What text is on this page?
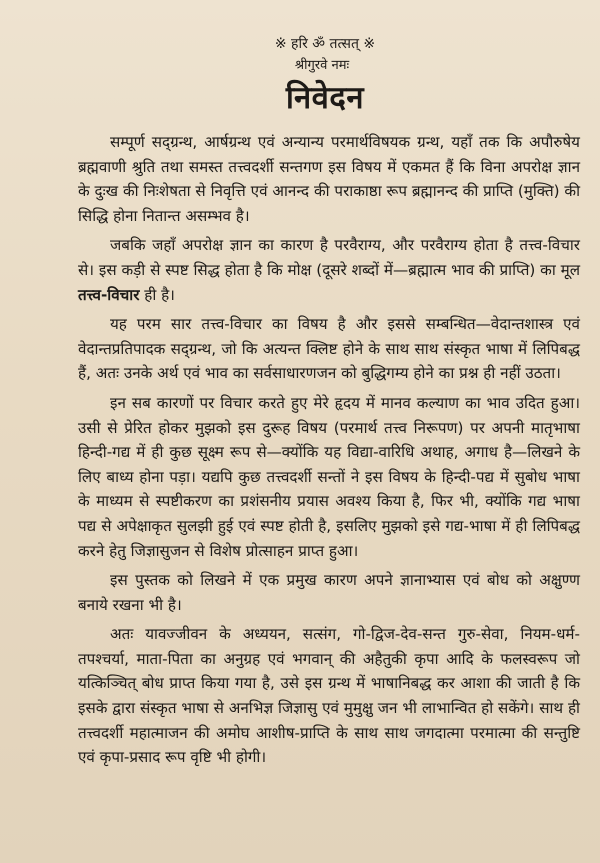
※ हरि ॐ तत्सत् ※
श्रीगुरवे नमः
निवेदन

सम्पूर्ण सद्ग्रन्थ, आर्षग्रन्थ एवं अन्यान्य परमार्थविषयक ग्रन्थ, यहाँ तक कि अपौरुषेय ब्रह्मवाणी श्रुति तथा समस्त तत्त्वदर्शी सन्तगण इस विषय में एकमत हैं कि विना अपरोक्ष ज्ञान के दुःख की निःशेषता से निवृत्ति एवं आनन्द की पराकाष्ठा रूप ब्रह्मानन्द की प्राप्ति (मुक्ति) की सिद्धि होना नितान्त असम्भव है।

जबकि जहाँ अपरोक्ष ज्ञान का कारण है परवैराग्य, और परवैराग्य होता है तत्त्व-विचार से। इस कड़ी से स्पष्ट सिद्ध होता है कि मोक्ष (दूसरे शब्दों में—ब्रह्मात्म भाव की प्राप्ति) का मूल तत्त्व-विचार ही है।

यह परम सार तत्त्व-विचार का विषय है और इससे सम्बन्धित—वेदान्तशास्त्र एवं वेदान्तप्रतिपादक सद्ग्रन्थ, जो कि अत्यन्त क्लिष्ट होने के साथ साथ संस्कृत भाषा में लिपिबद्ध हैं, अतः उनके अर्थ एवं भाव का सर्वसाधारणजन को बुद्धिगम्य होने का प्रश्न ही नहीं उठता।

इन सब कारणों पर विचार करते हुए मेरे हृदय में मानव कल्याण का भाव उदित हुआ। उसी से प्रेरित होकर मुझको इस दुरूह विषय (परमार्थ तत्त्व निरूपण) पर अपनी मातृभाषा हिन्दी-गद्य में ही कुछ सूक्ष्म रूप से—क्योंकि यह विद्या-वारिधि अथाह, अगाध है—लिखने के लिए बाध्य होना पड़ा। यद्यपि कुछ तत्त्वदर्शी सन्तों ने इस विषय के हिन्दी-पद्य में सुबोध भाषा के माध्यम से स्पष्टीकरण का प्रशंसनीय प्रयास अवश्य किया है, फिर भी, क्योंकि गद्य भाषा पद्य से अपेक्षाकृत सुलझी हुई एवं स्पष्ट होती है, इसलिए मुझको इसे गद्य-भाषा में ही लिपिबद्ध करने हेतु जिज्ञासुजन से विशेष प्रोत्साहन प्राप्त हुआ।

इस पुस्तक को लिखने में एक प्रमुख कारण अपने ज्ञानाभ्यास एवं बोध को अक्षुण्ण बनाये रखना भी है।

अतः यावज्जीवन के अध्ययन, सत्संग, गो-द्विज-देव-सन्त गुरु-सेवा, नियम-धर्म-तपश्चर्या, माता-पिता का अनुग्रह एवं भगवान् की अहैतुकी कृपा आदि के फलस्वरूप जो यत्किञ्चित् बोध प्राप्त किया गया है, उसे इस ग्रन्थ में भाषानिबद्ध कर आशा की जाती है कि इसके द्वारा संस्कृत भाषा से अनभिज्ञ जिज्ञासु एवं मुमुक्षु जन भी लाभान्वित हो सकेंगे। साथ ही तत्त्वदर्शी महात्माजन की अमोघ आशीष-प्राप्ति के साथ साथ जगदात्मा परमात्मा की सन्तुष्टि एवं कृपा-प्रसाद रूप वृष्टि भी होगी।
